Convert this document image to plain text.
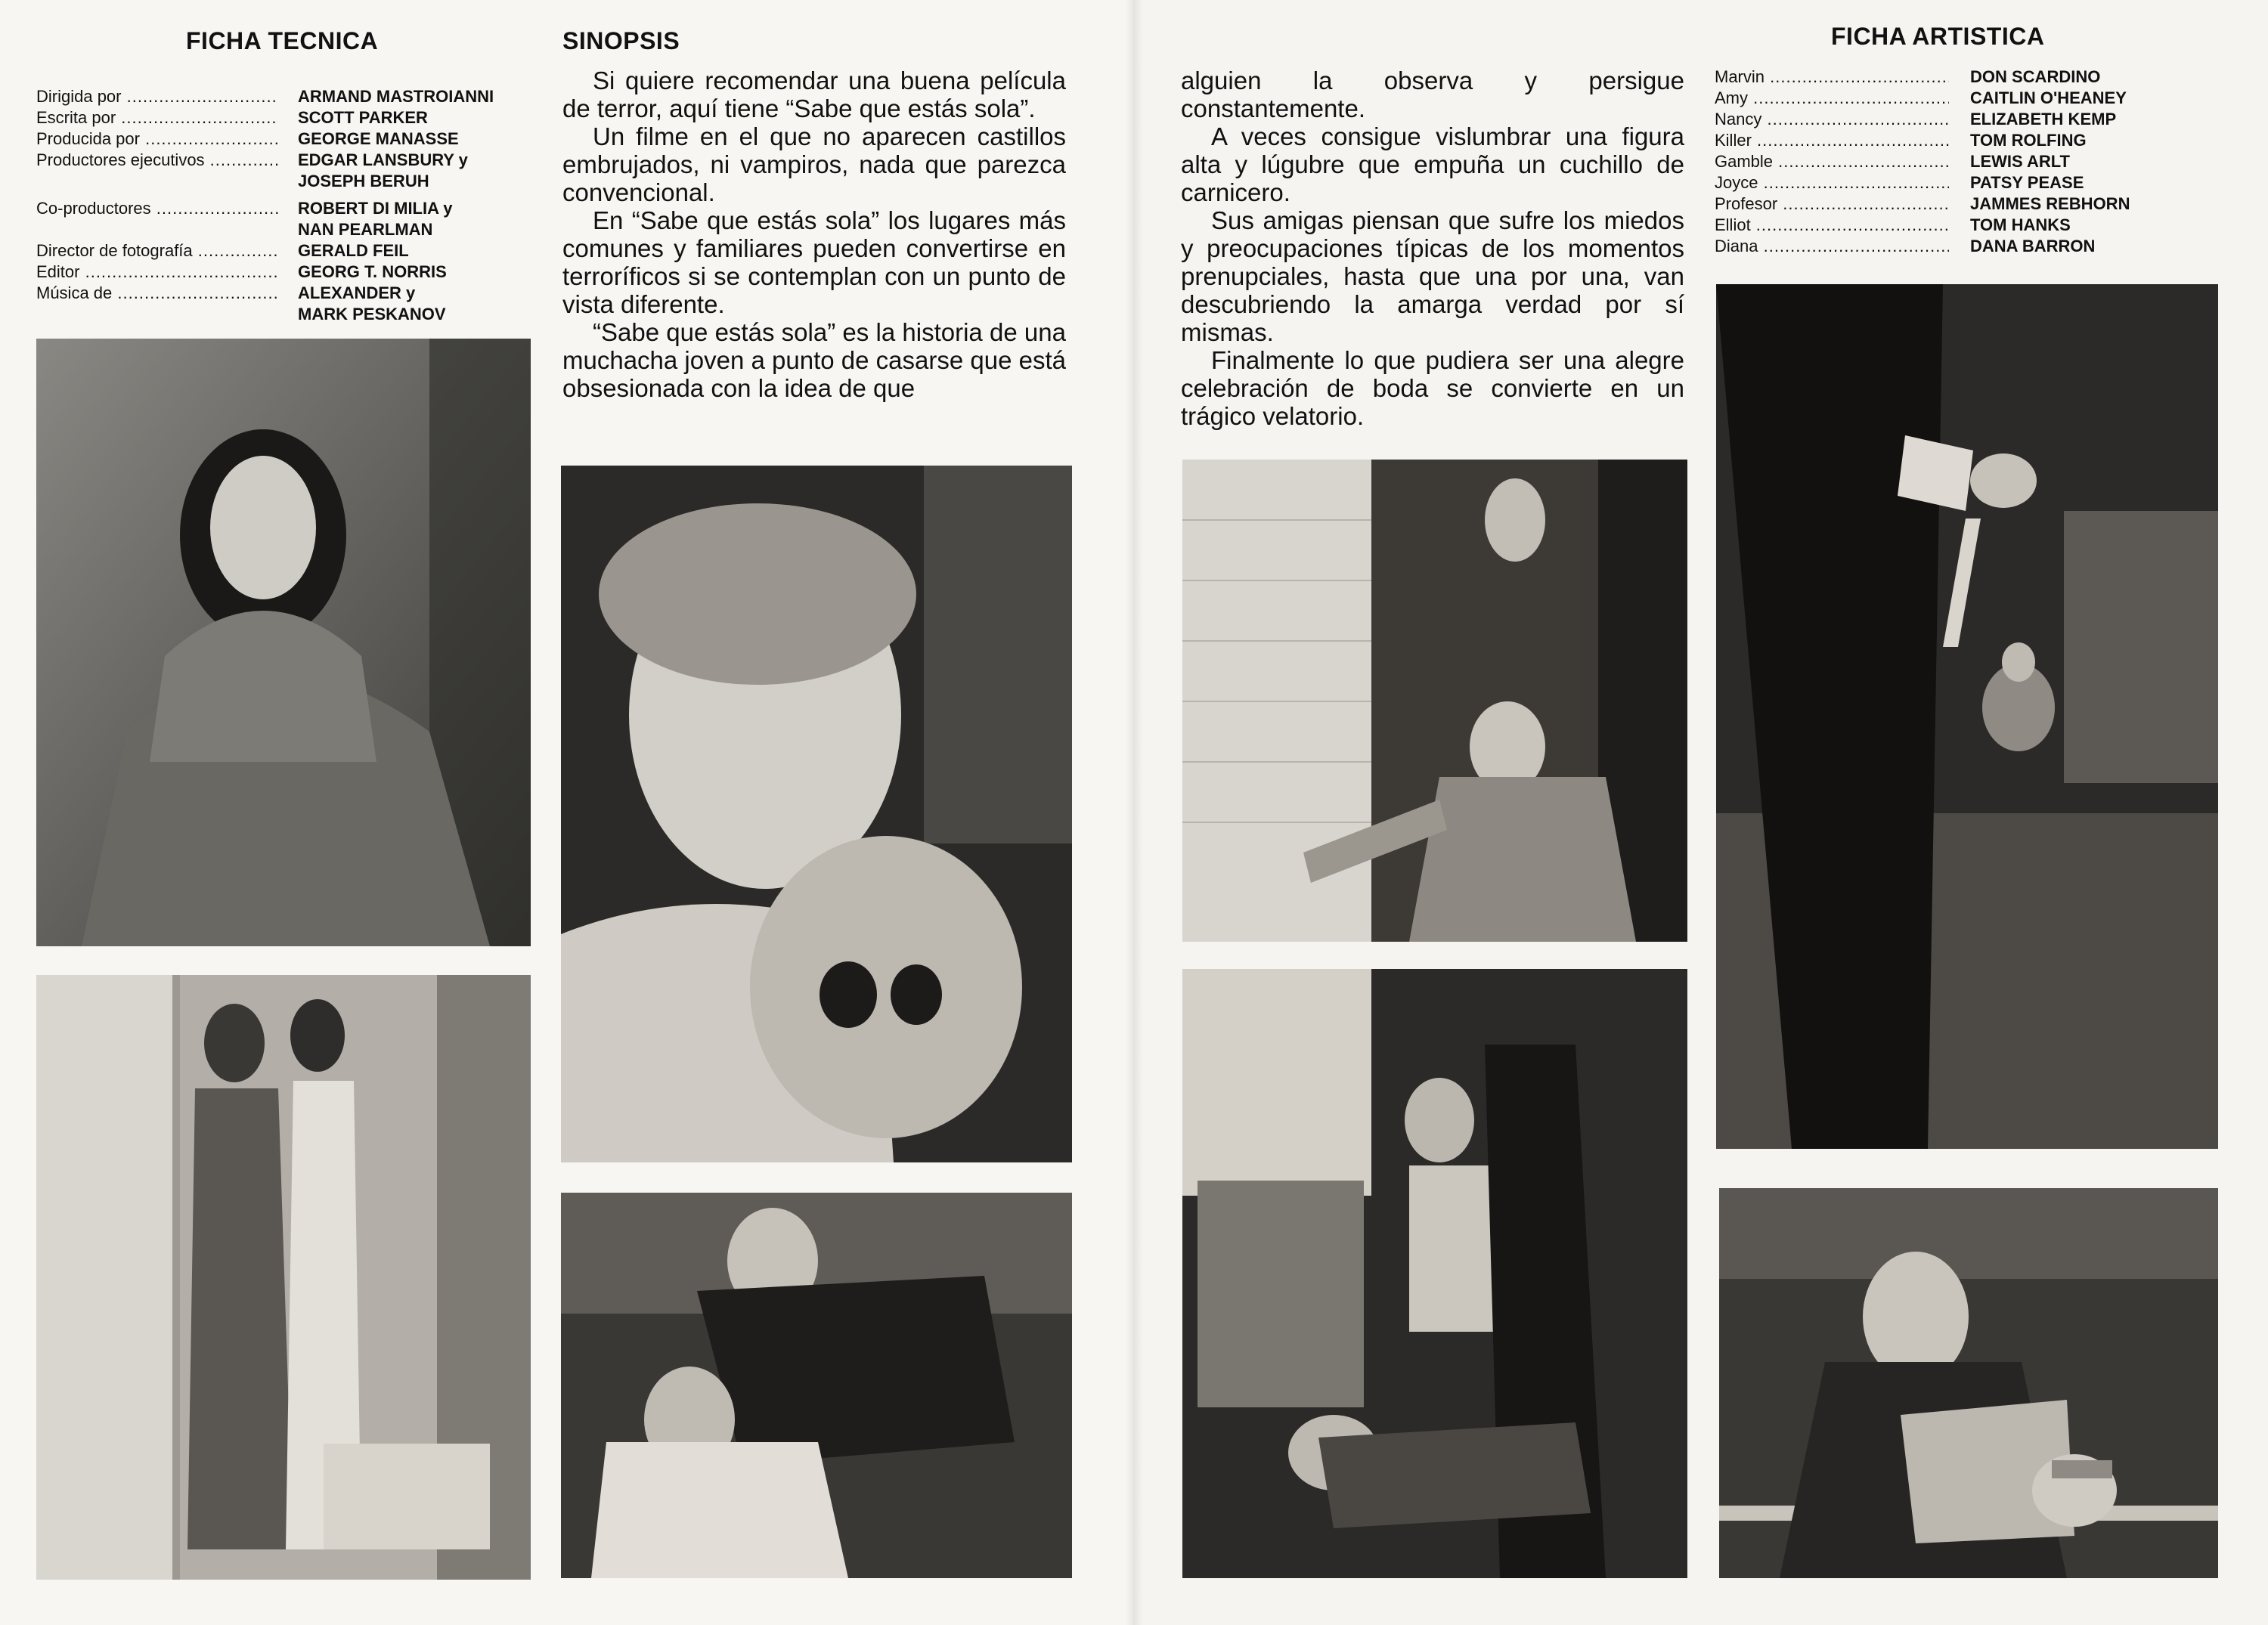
FICHA TECNICA
Dirigida por .....	ARMAND MASTROIANNI
Escrita por .....	SCOTT PARKER
Producida por .....	GEORGE MANASSE
Productores ejecutivos .....	EDGAR LANSBURY y
JOSEPH BERUH
Co-productores .....	ROBERT DI MILIA y
NAN PEARLMAN
Director de fotografía .....	GERALD FEIL
Editor .....	GEORG T. NORRIS
Música de .....	ALEXANDER y
MARK PESKANOV
SINOPSIS

Si quiere recomendar una buena película de terror, aquí tiene “Sabe que estás sola”.

Un filme en el que no aparecen castillos embrujados, ni vampiros, nada que parezca convencional.

En “Sabe que estás sola” los lugares más comunes y familiares pueden convertirse en terroríficos si se contemplan con un punto de vista diferente.

“Sabe que estás sola” es la historia de una muchacha joven a punto de casarse que está obsesionada con la idea de que

alguien la observa y persigue constantemente.

A veces consigue vislumbrar una figura alta y lúgubre que empuña un cuchillo de carnicero.

Sus amigas piensan que sufre los miedos y preocupaciones típicas de los momentos prenupciales, hasta que una por una, van descubriendo la amarga verdad por sí mismas.

Finalmente lo que pudiera ser una alegre celebración de boda se convierte en un trágico velatorio.

FICHA ARTISTICA
Marvin .....	DON SCARDINO
Amy .....	CAITLIN O'HEANEY
Nancy .....	ELIZABETH KEMP
Killer .....	TOM ROLFING
Gamble .....	LEWIS ARLT
Joyce .....	PATSY PEASE
Profesor .....	JAMMES REBHORN
Elliot .....	TOM HANKS
Diana .....	DANA BARRON
